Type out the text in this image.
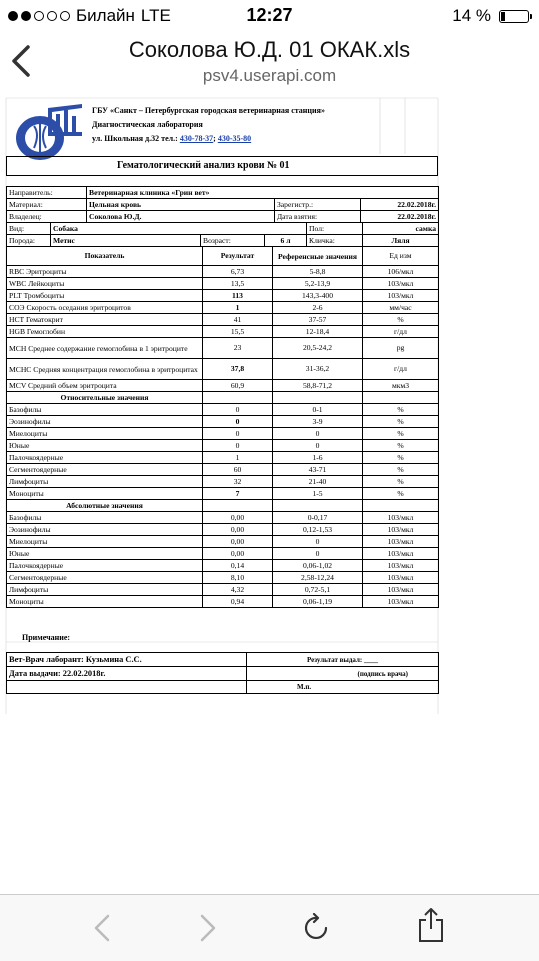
Билайн LTE	12:27	14 %
Соколова Ю.Д. 01 ОКАК.xls
psv4.userapi.com
ГБУ «Санкт – Петербургская городская ветеринарная станция»
Диагностическая лаборатория
ул. Школьная д.32 тел.: 430-78-37; 430-35-80
Гематологический анализ крови № 01
Направитель:	Ветеринарная клиника «Грин вет»		
Материал:	Цельная кровь	Зарегистр.:	22.02.2018г.
Владелец:	Соколова Ю.Д.	Дата взятия:	22.02.2018г.
Вид:	Собака			Пол:	самка
Порода:	Метис	Возраст:	6 л	Кличка:	Ляля
Показатель	Результат	Референсные значения	Ед изм
RBC Эритроциты	6,73	5-8,8	106/мкл
WBC Лейкоциты	13,5	5,2-13,9	103/мкл
PLT Тромбоциты	113	143,3-400	103/мкл
СОЭ Скорость оседания эритроцитов	1	2-6	мм/час
HCT Гематокрит	41	37-57	%
HGB Гемоглобин	15,5	12-18,4	г/дл
MCH Среднее содержание гемоглобина в 1 эритроците	23	20,5-24,2	pg
MCHC Средняя концентрация гемоглобина в эритроцитах	37,8	31-36,2	г/дл
MCV Средний объем эритроцита	60,9	58,8-71,2	мкм3
Относительные значения			
Базофилы	0	0-1	%
Эозинофилы	0	3-9	%
Миелоциты	0	0	%
Юные	0	0	%
Палочкоядерные	1	1-6	%
Сегментоядерные	60	43-71	%
Лимфоциты	32	21-40	%
Моноциты	7	1-5	%
Абсолютные значения			
Базофилы	0,00	0-0,17	103/мкл
Эозинофилы	0,00	0,12-1,53	103/мкл
Миелоциты	0,00	0	103/мкл
Юные	0,00	0	103/мкл
Палочкоядерные	0,14	0,06-1,02	103/мкл
Сегментоядерные	8,10	2,58-12,24	103/мкл
Лимфоциты	4,32	0,72-5,1	103/мкл
Моноциты	0,94	0,06-1,19	103/мкл
Примечание:
Вет-Врач лаборант: Кузьмина С.С.	Результат выдал: ____
Дата выдачи: 22.02.2018г.	(подпись врача)
	М.п.
